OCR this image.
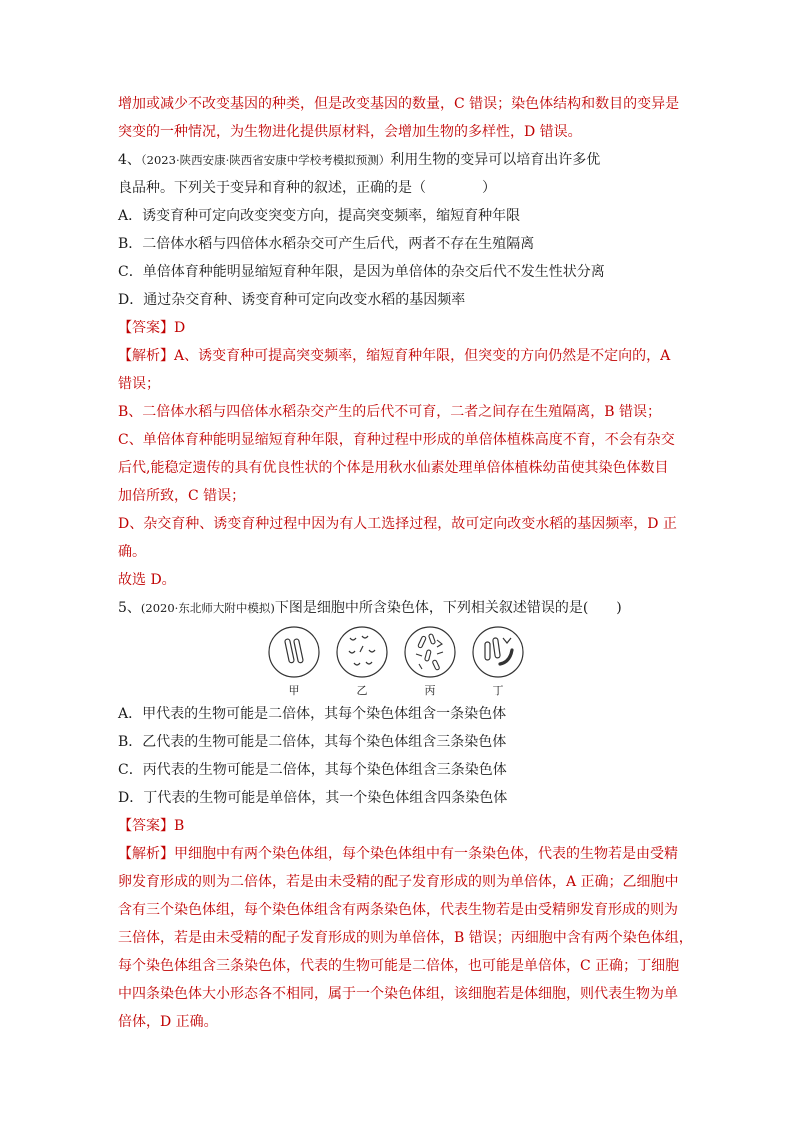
增加或减少不改变基因的种类，但是改变基因的数量，C 错误；染色体结构和数目的变异是
突变的一种情况，为生物进化提供原材料，会增加生物的多样性，D 错误。
4、（2023·陕西安康·陕西省安康中学校考模拟预测）利用生物的变异可以培育出许多优
良品种。下列关于变异和育种的叙述，正确的是（　　　　）
A．诱变育种可定向改变突变方向，提高突变频率，缩短育种年限
B．二倍体水稻与四倍体水稻杂交可产生后代，两者不存在生殖隔离
C．单倍体育种能明显缩短育种年限，是因为单倍体的杂交后代不发生性状分离
D．通过杂交育种、诱变育种可定向改变水稻的基因频率
【答案】D
【解析】A、诱变育种可提高突变频率，缩短育种年限，但突变的方向仍然是不定向的，A
错误；
B、二倍体水稻与四倍体水稻杂交产生的后代不可育，二者之间存在生殖隔离，B 错误；
C、单倍体育种能明显缩短育种年限，育种过程中形成的单倍体植株高度不育，不会有杂交
后代,能稳定遗传的具有优良性状的个体是用秋水仙素处理单倍体植株幼苗使其染色体数目
加倍所致，C 错误；
D、杂交育种、诱变育种过程中因为有人工选择过程，故可定向改变水稻的基因频率，D 正
确。
故选 D。
5、(2020·东北师大附中模拟)下图是细胞中所含染色体，下列相关叙述错误的是(　　)
甲	乙	丙	丁
A．甲代表的生物可能是二倍体，其每个染色体组含一条染色体
B．乙代表的生物可能是二倍体，其每个染色体组含三条染色体
C．丙代表的生物可能是二倍体，其每个染色体组含三条染色体
D．丁代表的生物可能是单倍体，其一个染色体组含四条染色体
【答案】B
【解析】甲细胞中有两个染色体组，每个染色体组中有一条染色体，代表的生物若是由受精
卵发育形成的则为二倍体，若是由未受精的配子发育形成的则为单倍体，A 正确；乙细胞中
含有三个染色体组，每个染色体组含有两条染色体，代表生物若是由受精卵发育形成的则为
三倍体，若是由未受精的配子发育形成的则为单倍体，B 错误；丙细胞中含有两个染色体组，
每个染色体组含三条染色体，代表的生物可能是二倍体，也可能是单倍体，C 正确；丁细胞
中四条染色体大小形态各不相同，属于一个染色体组，该细胞若是体细胞，则代表生物为单
倍体，D 正确。
